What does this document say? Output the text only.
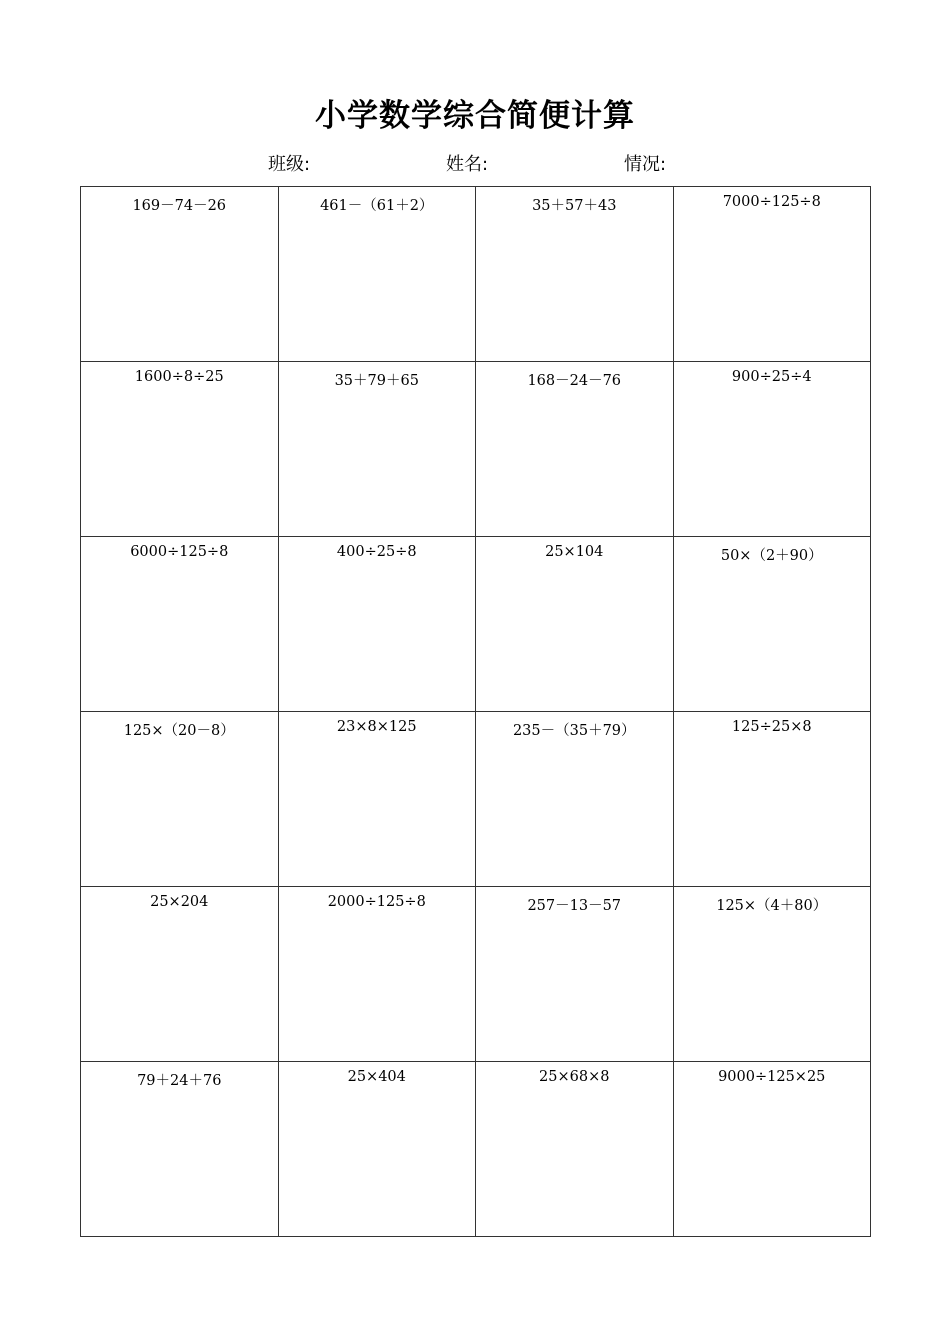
小学数学综合简便计算
班级:	姓名:	情况:
169－74－26	461－（61＋2）	35＋57＋43	7000÷125÷8

1600÷8÷25	35＋79＋65	168－24－76	900÷25÷4

6000÷125÷8	400÷25÷8	25×104	50×（2＋90）

125×（20－8）	23×8×125	235－（35＋79）	125÷25×8

25×204	2000÷125÷8	257－13－57	125×（4＋80）

79＋24＋76	25×404	25×68×8	9000÷125×25
